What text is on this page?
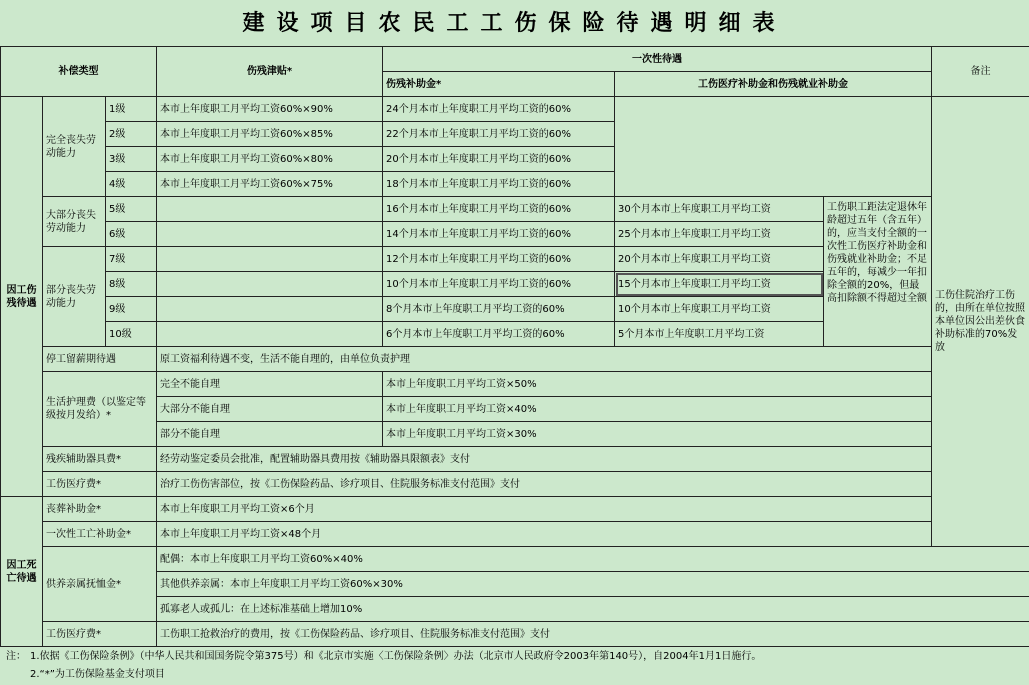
建设项目农民工工伤保险待遇明细表
补偿类型			伤残津贴*	一次性待遇			备注
				伤残补助金*	工伤医疗补助金和伤残就业补助金		
因工伤残待遇	完全丧失劳动能力	1级	本市上年度职工月平均工资60%×90%	24个月本市上年度职工月平均工资的60%			工伤住院治疗工伤的，由所在单位按照本单位因公出差伙食补助标准的70%发放
		2级	本市上年度职工月平均工资60%×85%	22个月本市上年度职工月平均工资的60%			
		3级	本市上年度职工月平均工资60%×80%	20个月本市上年度职工月平均工资的60%			
		4级	本市上年度职工月平均工资60%×75%	18个月本市上年度职工月平均工资的60%			
	大部分丧失劳动能力	5级		16个月本市上年度职工月平均工资的60%	30个月本市上年度职工月平均工资	工伤职工距法定退休年龄超过五年（含五年）的，应当支付全额的一次性工伤医疗补助金和伤残就业补助金；不足五年的，每减少一年扣除全额的20%，但最高扣除额不得超过全额	
		6级		14个月本市上年度职工月平均工资的60%	25个月本市上年度职工月平均工资		
	部分丧失劳动能力	7级		12个月本市上年度职工月平均工资的60%	20个月本市上年度职工月平均工资		
		8级		10个月本市上年度职工月平均工资的60%	15个月本市上年度职工月平均工资		
		9级		8个月本市上年度职工月平均工资的60%	10个月本市上年度职工月平均工资		
		10级		6个月本市上年度职工月平均工资的60%	5个月本市上年度职工月平均工资		
	停工留薪期待遇		原工资福利待遇不变，生活不能自理的，由单位负责护理				
	生活护理费（以鉴定等级按月发给）*		完全不能自理	本市上年度职工月平均工资×50%			
			大部分不能自理	本市上年度职工月平均工资×40%			
			部分不能自理	本市上年度职工月平均工资×30%			
	残疾辅助器具费*		经劳动鉴定委员会批准，配置辅助器具费用按《辅助器具限额表》支付				
	工伤医疗费*		治疗工伤伤害部位，按《工伤保险药品、诊疗项目、住院服务标准支付范围》支付				
因工死亡待遇	丧葬补助金*		本市上年度职工月平均工资×6个月				
	一次性工亡补助金*		本市上年度职工月平均工资×48个月				
	供养亲属抚恤金*		配偶：本市上年度职工月平均工资60%×40%				
			其他供养亲属：本市上年度职工月平均工资60%×30%				
			孤寡老人或孤儿：在上述标准基础上增加10%				
	工伤医疗费*		工伤职工抢救治疗的费用，按《工伤保险药品、诊疗项目、住院服务标准支付范围》支付				
注： 1.依据《工伤保险条例》（中华人民共和国国务院令第375号）和《北京市实施〈工伤保险条例〉办法（北京市人民政府令2003年第140号），自2004年1月1日施行。
2.“*”为工伤保险基金支付项目
